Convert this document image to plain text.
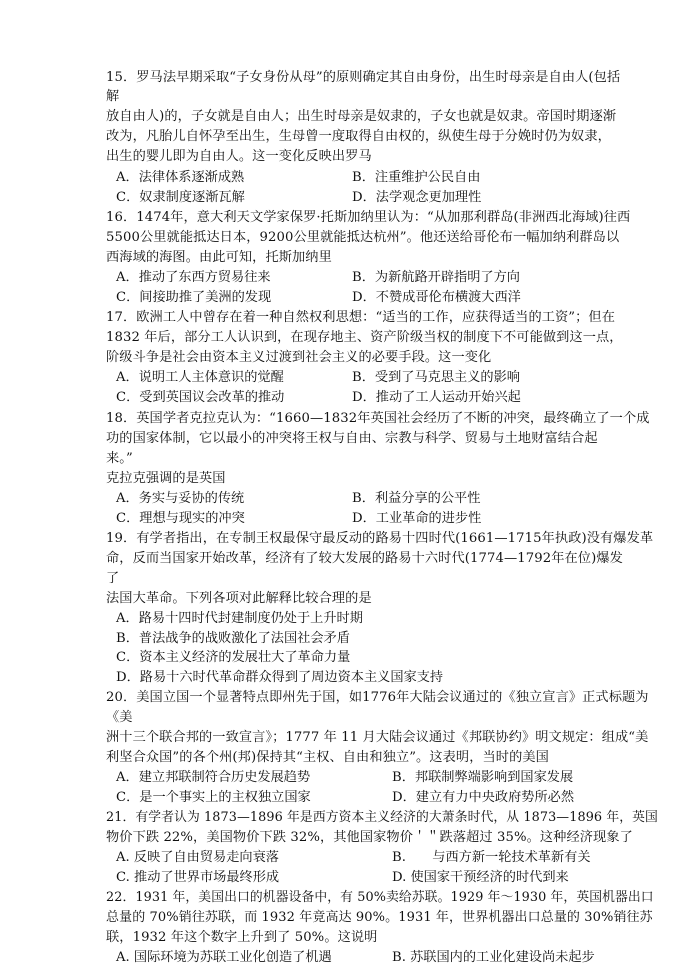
15．罗马法早期采取“子女身份从母”的原则确定其自由身份，出生时母亲是自由人(包括
解
放自由人)的，子女就是自由人；出生时母亲是奴隶的，子女也就是奴隶。帝国时期逐渐
改为，凡胎儿自怀孕至出生，生母曾一度取得自由权的，纵使生母于分娩时仍为奴隶，
出生的婴儿即为自由人。这一变化反映出罗马
A．法律体系逐渐成熟	B．注重维护公民自由
C．奴隶制度逐渐瓦解	D．法学观念更加理性
16．1474年，意大利天文学家保罗·托斯加纳里认为：“从加那利群岛(非洲西北海域)往西
5500公里就能抵达日本，9200公里就能抵达杭州”。他还送给哥伦布一幅加纳利群岛以
西海域的海图。由此可知，托斯加纳里
A．推动了东西方贸易往来	B．为新航路开辟指明了方向
C．间接助推了美洲的发现	D．不赞成哥伦布横渡大西洋
17．欧洲工人中曾存在着一种自然权利思想：“适当的工作，应获得适当的工资”；但在
1832 年后，部分工人认识到，在现存地主、资产阶级当权的制度下不可能做到这一点，
阶级斗争是社会由资本主义过渡到社会主义的必要手段。这一变化
A．说明工人主体意识的觉醒	B．受到了马克思主义的影响
C．受到英国议会改革的推动	D．推动了工人运动开始兴起
18．英国学者克拉克认为：“1660—1832年英国社会经历了不断的冲突，最终确立了一个成
功的国家体制，它以最小的冲突将王权与自由、宗教与科学、贸易与土地财富结合起
来。”
克拉克强调的是英国
A．务实与妥协的传统	B．利益分享的公平性
C．理想与现实的冲突	D．工业革命的进步性
19．有学者指出，在专制王权最保守最反动的路易十四时代(1661—1715年执政)没有爆发革
命，反而当国家开始改革，经济有了较大发展的路易十六时代(1774—1792年在位)爆发
了
法国大革命。下列各项对此解释比较合理的是
A．路易十四时代封建制度仍处于上升时期
B．普法战争的战败激化了法国社会矛盾
C．资本主义经济的发展壮大了革命力量
D．路易十六时代革命群众得到了周边资本主义国家支持
20．美国立国一个显著特点即州先于国，如1776年大陆会议通过的《独立宣言》正式标题为
《美
洲十三个联合邦的一致宣言》；1777 年 11 月大陆会议通过《邦联协约》明文规定：组成“美
利坚合众国”的各个州(邦)保持其“主权、自由和独立”。这表明，当时的美国
A．建立邦联制符合历史发展趋势	B．邦联制弊端影响到国家发展
C．是一个事实上的主权独立国家	D．建立有力中央政府势所必然
21．有学者认为 1873—1896 年是西方资本主义经济的大萧条时代，从 1873—1896 年，英国
物价下跌 22%，美国物价下跌 32%，其他国家物价＇＂跌落超过 35%。这种经济现象了
A. 反映了自由贸易走向衰落	B.　　与西方新一轮技术革新有关
C. 推动了世界市场最终形成	D. 使国家干预经济的时代到来
22．1931 年，美国出口的机器设备中，有 50%卖给苏联。1929 年～1930 年，英国机器出口
总量的 70%销往苏联，而 1932 年竟高达 90%。1931 年，世界机器出口总量的 30%销往苏
联，1932 年这个数字上升到了 50%。这说明
A. 国际环境为苏联工业化创造了机遇	B. 苏联国内的工业化建设尚未起步
